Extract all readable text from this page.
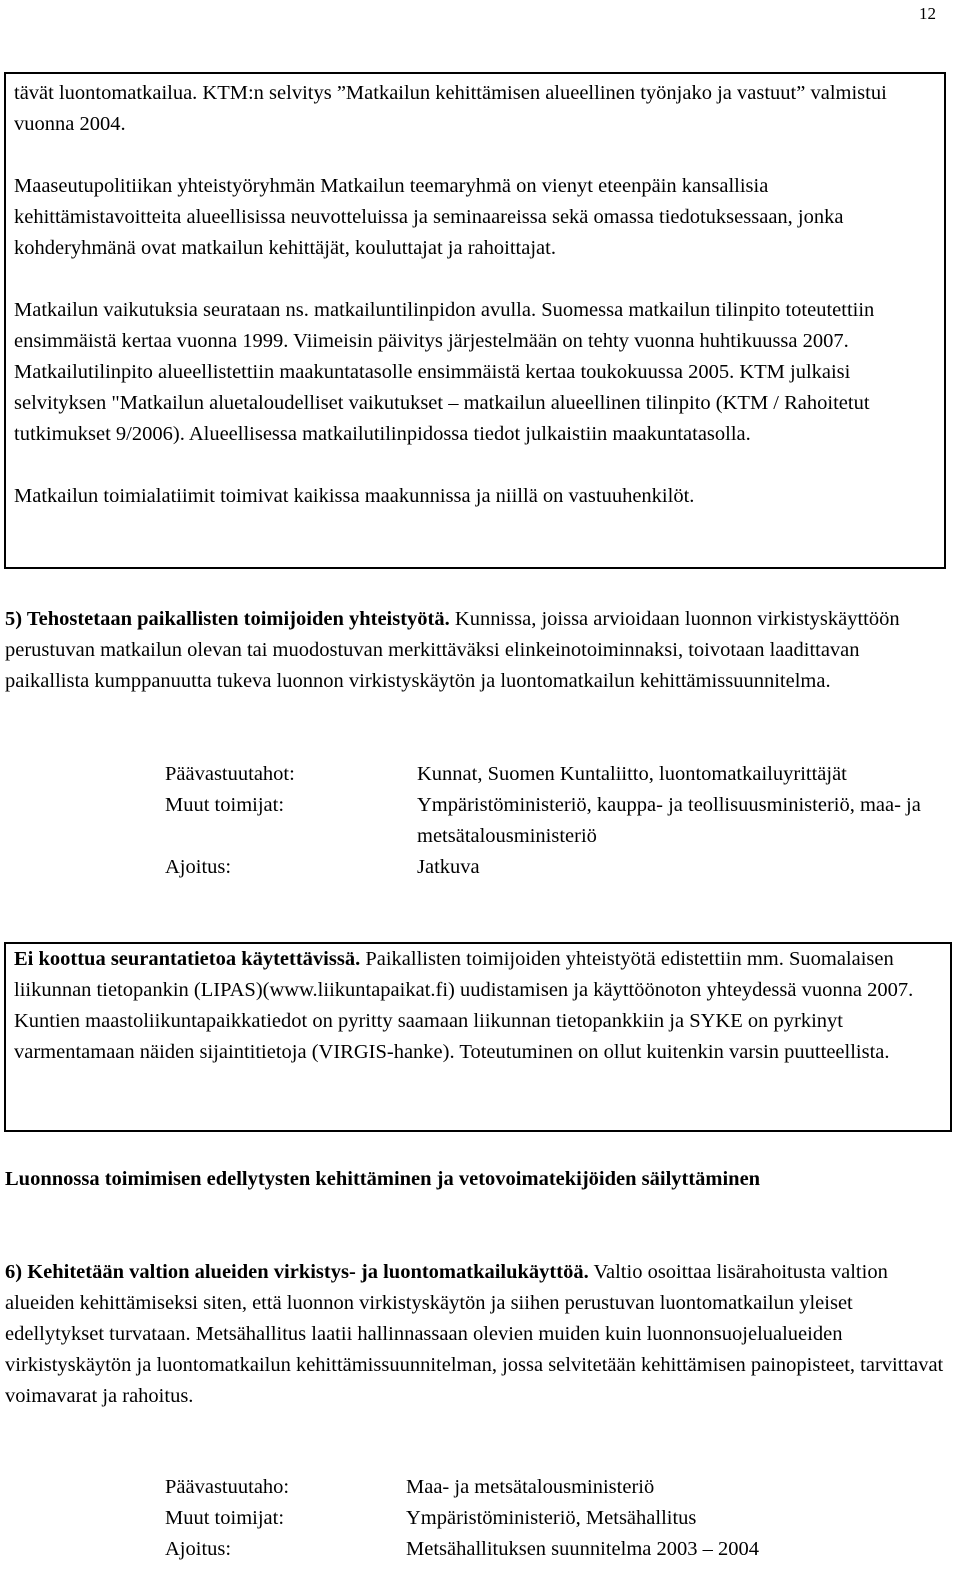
12

tävät luontomatkailua. KTM:n selvitys ”Matkailun kehittämisen alueellinen työnjako ja vastuut” valmistui vuonna 2004.

Maaseutupolitiikan yhteistyöryhmän Matkailun teemaryhmä on vienyt eteenpäin kansallisia kehittämistavoitteita alueellisissa neuvotteluissa ja seminaareissa sekä omassa tiedotuksessaan, jonka kohderyhmänä ovat matkailun kehittäjät, kouluttajat ja rahoittajat.

Matkailun vaikutuksia seurataan ns. matkailuntilinpidon avulla. Suomessa matkailun tilinpito toteutettiin ensimmäistä kertaa vuonna 1999. Viimeisin päivitys järjestelmään on tehty vuonna huhtikuussa 2007. Matkailutilinpito alueellistettiin maakuntatasolle ensimmäistä kertaa toukokuussa 2005. KTM julkaisi selvityksen "Matkailun aluetaloudelliset vaikutukset – matkailun alueellinen tilinpito (KTM / Rahoitetut tutkimukset 9/2006). Alueellisessa matkailutilinpidossa tiedot julkaistiin maakuntatasolla.

Matkailun toimialatiimit toimivat kaikissa maakunnissa ja niillä on vastuuhenkilöt.

5) Tehostetaan paikallisten toimijoiden yhteistyötä. Kunnissa, joissa arvioidaan luonnon virkistyskäyttöön perustuvan matkailun olevan tai muodostuvan merkittäväksi elinkeinotoiminnaksi, toivotaan laadittavan paikallista kumppanuutta tukeva luonnon virkistyskäytön ja luontomatkailun kehittämissuunnitelma.

Päävastuutahot:	Kunnat, Suomen Kuntaliitto, luontomatkailuyrittäjät
Muut toimijat:	Ympäristöministeriö, kauppa- ja teollisuusministeriö, maa- ja metsätalousministeriö
Ajoitus:	Jatkuva

Ei koottua seurantatietoa käytettävissä. Paikallisten toimijoiden yhteistyötä edistettiin mm. Suomalaisen liikunnan tietopankin (LIPAS)(www.liikuntapaikat.fi) uudistamisen ja käyttöönoton yhteydessä vuonna 2007. Kuntien maastoliikuntapaikkatiedot on pyritty saamaan liikunnan tietopankkiin ja SYKE on pyrkinyt varmentamaan näiden sijaintitietoja (VIRGIS-hanke). Toteutuminen on ollut kuitenkin varsin puutteellista.

Luonnossa toimimisen edellytysten kehittäminen ja vetovoimatekijöiden säilyttäminen

6) Kehitetään valtion alueiden virkistys- ja luontomatkailukäyttöä. Valtio osoittaa lisärahoitusta valtion alueiden kehittämiseksi siten, että luonnon virkistyskäytön ja siihen perustuvan luontomatkailun yleiset edellytykset turvataan. Metsähallitus laatii hallinnassaan olevien muiden kuin luonnonsuojelualueiden virkistyskäytön ja luontomatkailun kehittämissuunnitelman, jossa selvitetään kehittämisen painopisteet, tarvittavat voimavarat ja rahoitus.

Päävastuutaho:	Maa- ja metsätalousministeriö
Muut toimijat:	Ympäristöministeriö, Metsähallitus
Ajoitus:	Metsähallituksen suunnitelma 2003 – 2004
